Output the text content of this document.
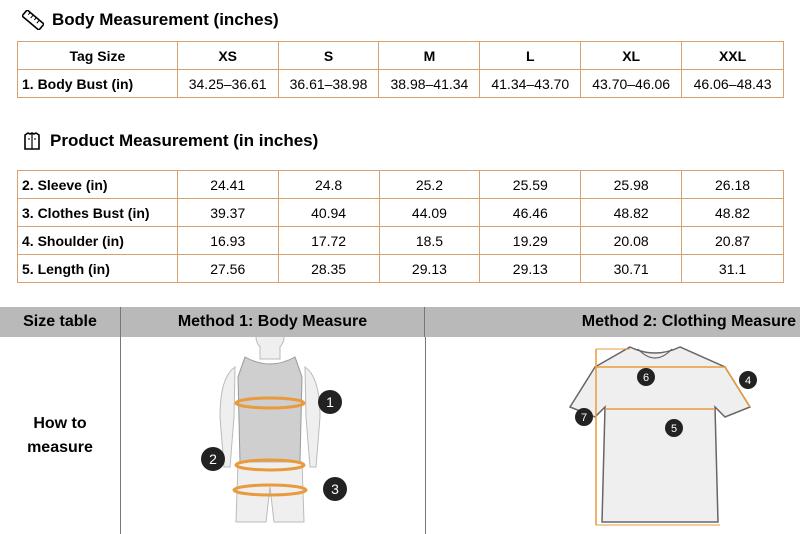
Body Measurement (inches)
Tag Size	XS	S	M	L	XL	XXL
1. Body Bust (in)	34.25–36.61	36.61–38.98	38.98–41.34	41.34–43.70	43.70–46.06	46.06–48.43
Product Measurement (in inches)
2. Sleeve (in)	24.41	24.8	25.2	25.59	25.98	26.18
3. Clothes Bust (in)	39.37	40.94	44.09	46.46	48.82	48.82
4. Shoulder (in)	16.93	17.72	18.5	19.29	20.08	20.87
5. Length (in)	27.56	28.35	29.13	29.13	30.71	31.1
Size table	Method 1: Body Measure	Method 2: Clothing Measure
How to
measure
1
2
3
6	4
5
7
